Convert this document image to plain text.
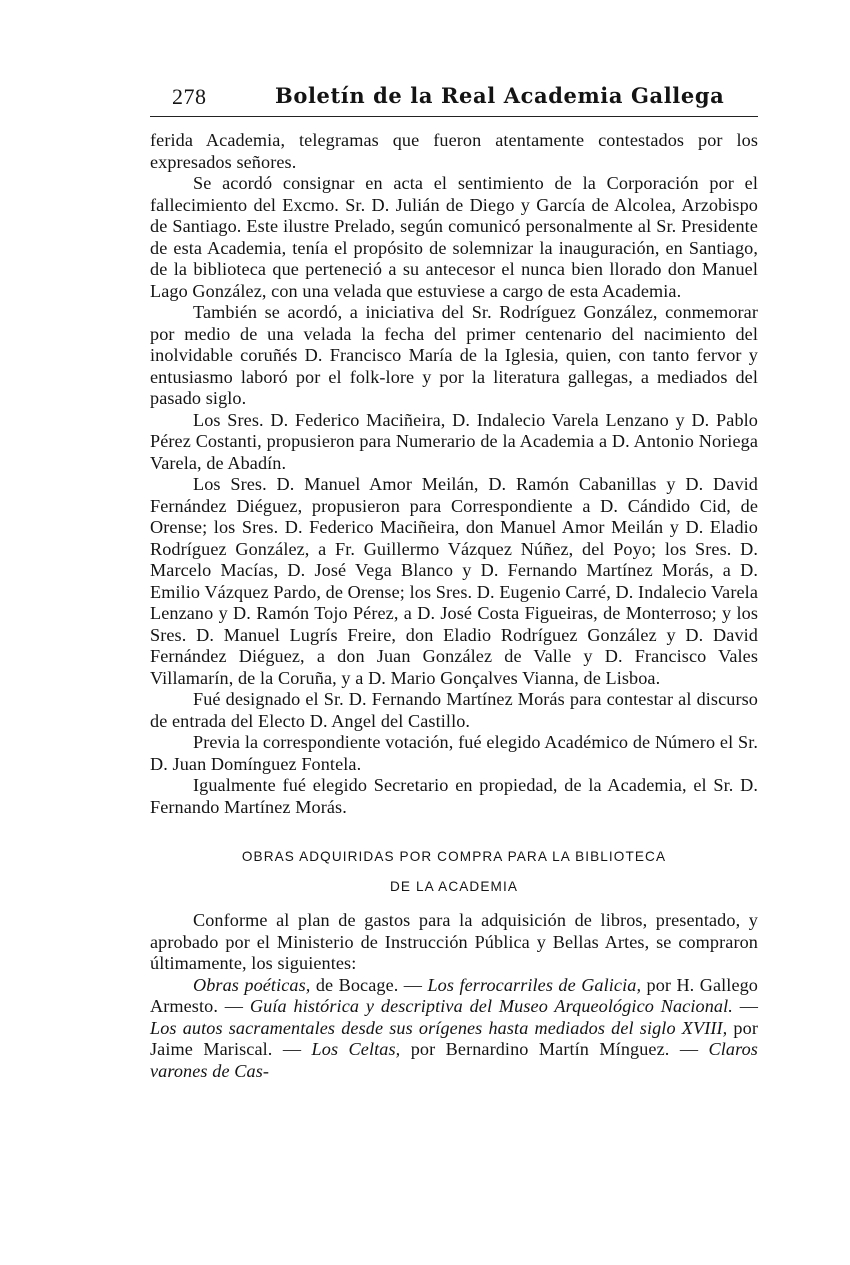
278	Boletín de la Real Academia Gallega

ferida Academia, telegramas que fueron atentamente contestados por los expresados señores.

Se acordó consignar en acta el sentimiento de la Corporación por el fallecimiento del Excmo. Sr. D. Julián de Diego y García de Alcolea, Arzobispo de Santiago. Este ilustre Prelado, según comunicó personalmente al Sr. Presidente de esta Academia, tenía el propósito de solemnizar la inauguración, en Santiago, de la biblioteca que perteneció a su antecesor el nunca bien llorado don Manuel Lago González, con una velada que estuviese a cargo de esta Academia.

También se acordó, a iniciativa del Sr. Rodríguez González, conmemorar por medio de una velada la fecha del primer centenario del nacimiento del inolvidable coruñés D. Francisco María de la Iglesia, quien, con tanto fervor y entusiasmo laboró por el folk-lore y por la literatura gallegas, a mediados del pasado siglo.

Los Sres. D. Federico Maciñeira, D. Indalecio Varela Lenzano y D. Pablo Pérez Costanti, propusieron para Numerario de la Academia a D. Antonio Noriega Varela, de Abadín.

Los Sres. D. Manuel Amor Meilán, D. Ramón Cabanillas y D. David Fernández Diéguez, propusieron para Correspondiente a D. Cándido Cid, de Orense; los Sres. D. Federico Maciñeira, don Manuel Amor Meilán y D. Eladio Rodríguez González, a Fr. Guillermo Vázquez Núñez, del Poyo; los Sres. D. Marcelo Macías, D. José Vega Blanco y D. Fernando Martínez Morás, a D. Emilio Vázquez Pardo, de Orense; los Sres. D. Eugenio Carré, D. Indalecio Varela Lenzano y D. Ramón Tojo Pérez, a D. José Costa Figueiras, de Monterroso; y los Sres. D. Manuel Lugrís Freire, don Eladio Rodríguez González y D. David Fernández Diéguez, a don Juan González de Valle y D. Francisco Vales Villamarín, de la Coruña, y a D. Mario Gonçalves Vianna, de Lisboa.

Fué designado el Sr. D. Fernando Martínez Morás para contestar al discurso de entrada del Electo D. Angel del Castillo.

Previa la correspondiente votación, fué elegido Académico de Número el Sr. D. Juan Domínguez Fontela.

Igualmente fué elegido Secretario en propiedad, de la Academia, el Sr. D. Fernando Martínez Morás.

OBRAS ADQUIRIDAS POR COMPRA PARA LA BIBLIOTECA
DE LA ACADEMIA

Conforme al plan de gastos para la adquisición de libros, presentado, y aprobado por el Ministerio de Instrucción Pública y Bellas Artes, se compraron últimamente, los siguientes:

Obras poéticas, de Bocage. — Los ferrocarriles de Galicia, por H. Gallego Armesto. — Guía histórica y descriptiva del Museo Arqueológico Nacional. — Los autos sacramentales desde sus orígenes hasta mediados del siglo XVIII, por Jaime Mariscal. — Los Celtas, por Bernardino Martín Mínguez. — Claros varones de Cas-
